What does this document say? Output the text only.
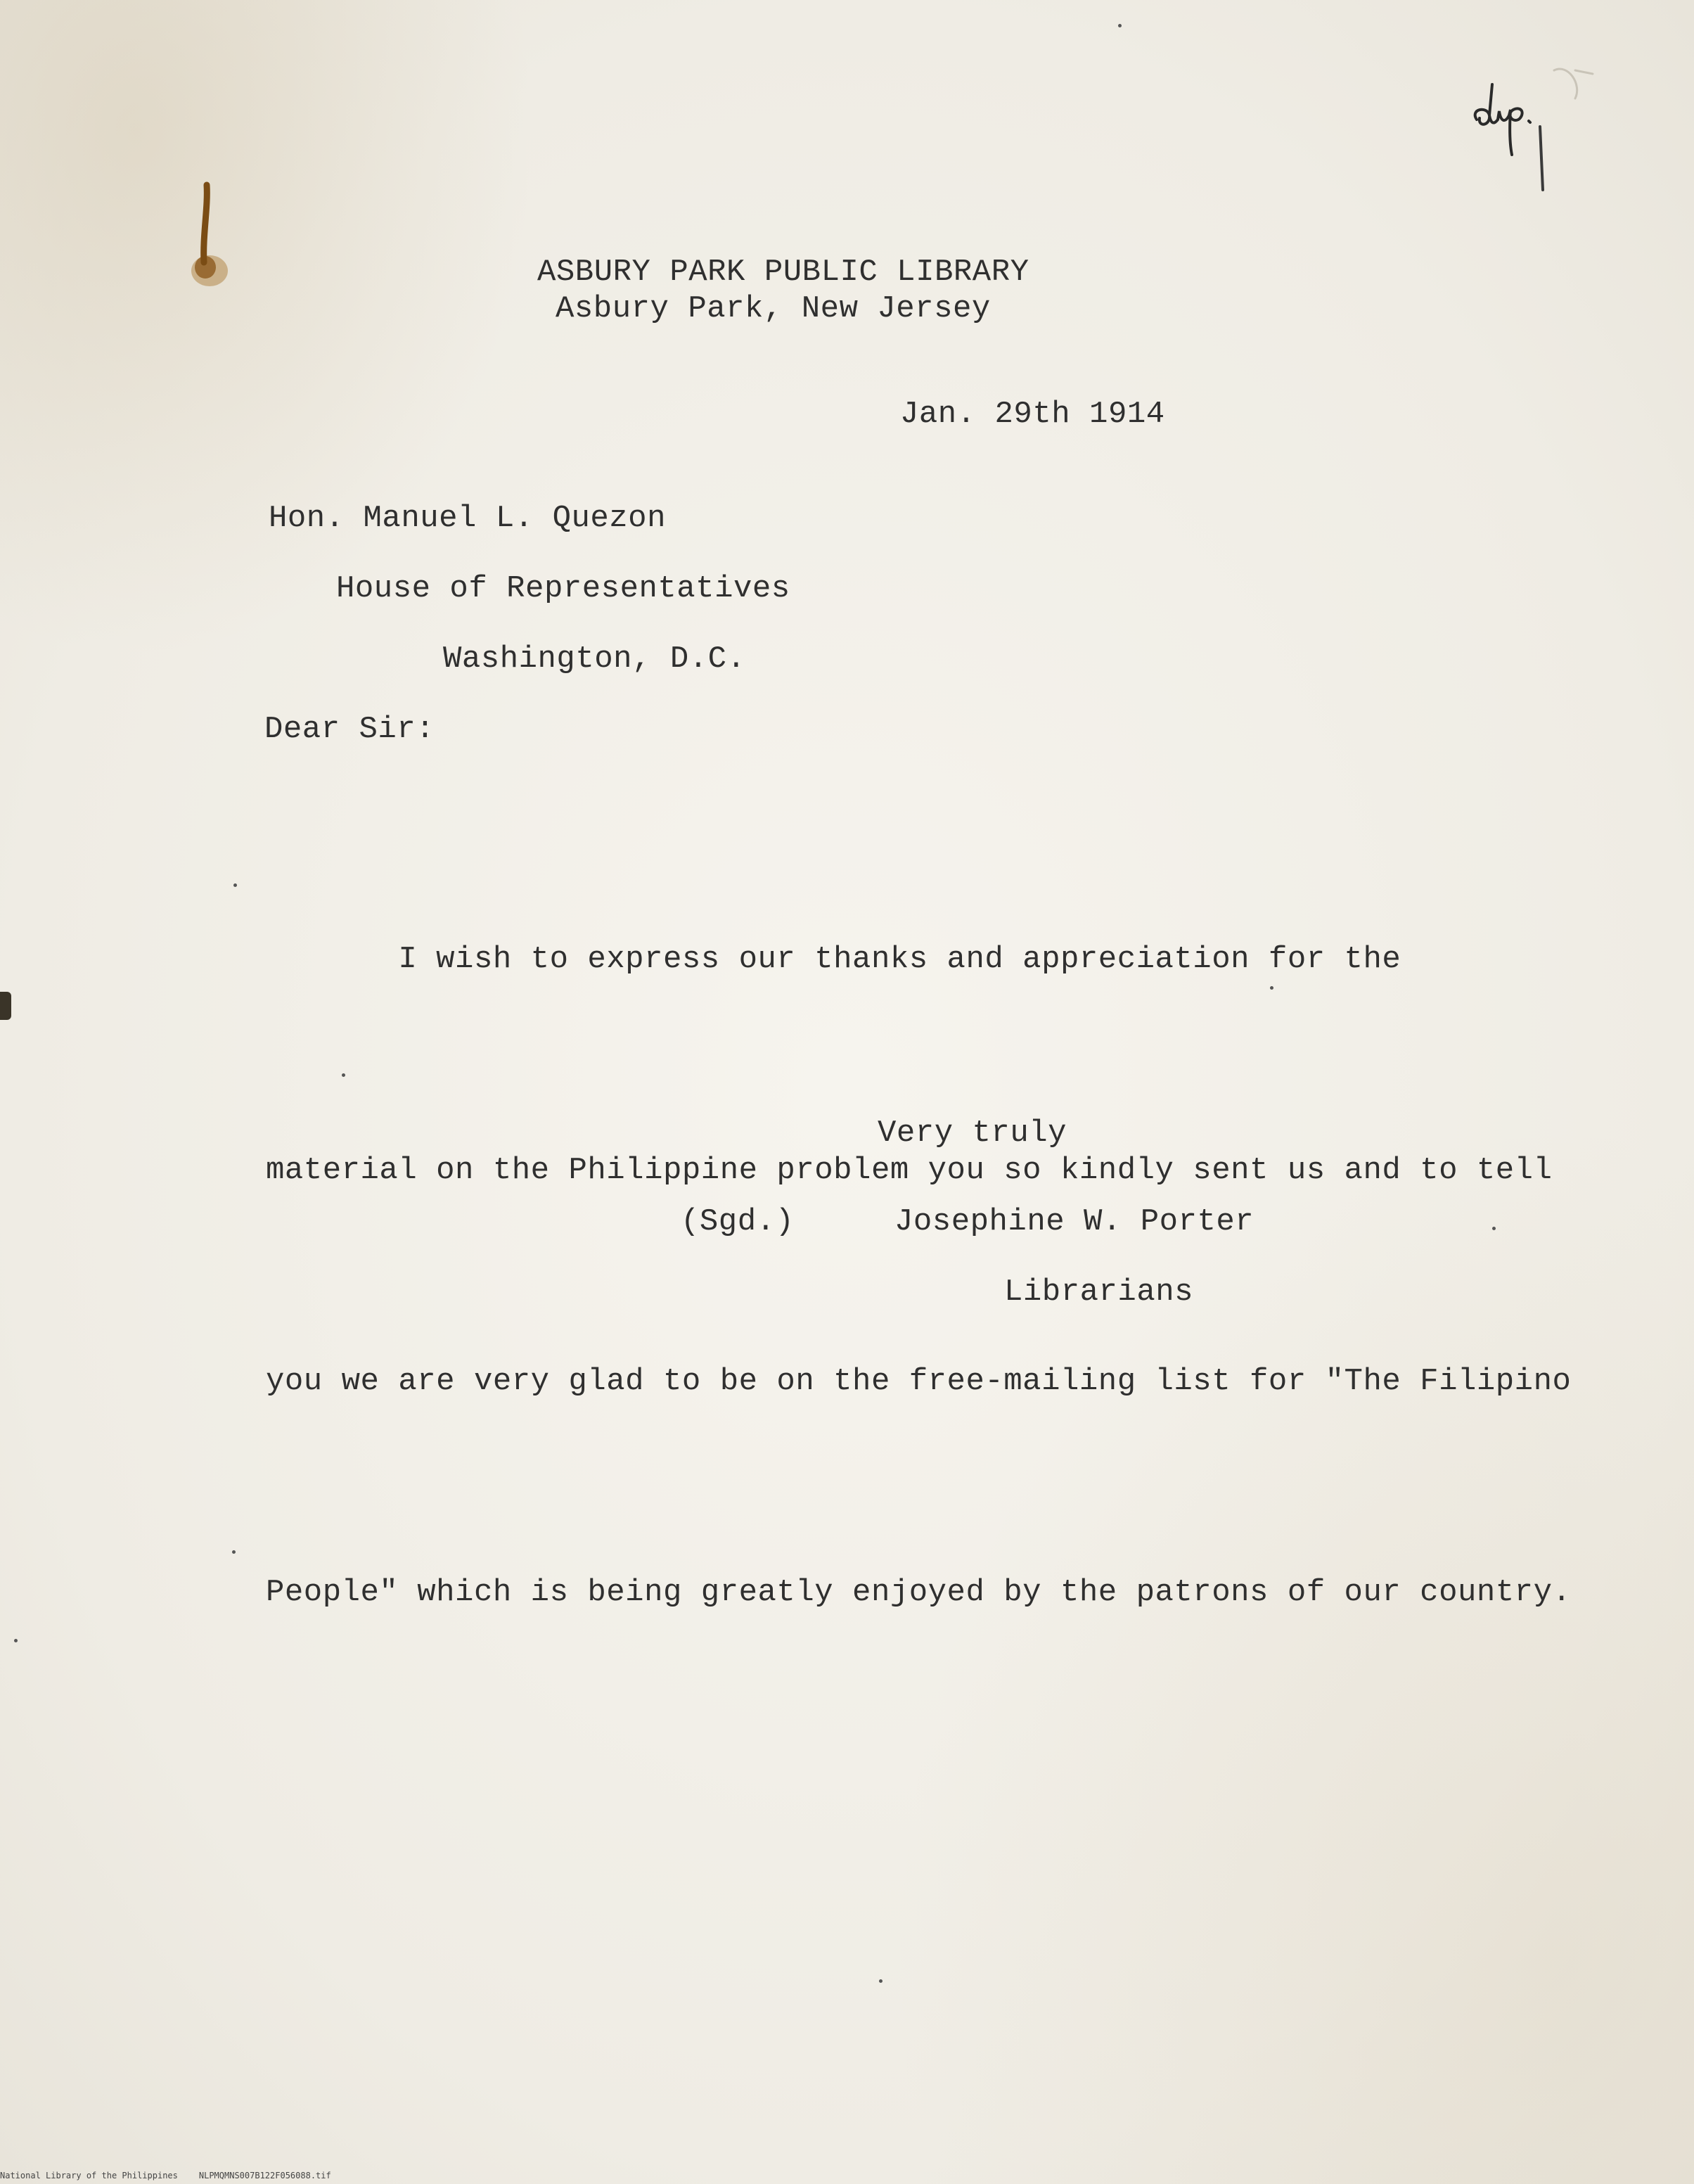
ASBURY PARK PUBLIC LIBRARY
Asbury Park, New Jersey
Jan. 29th 1914
Hon. Manuel L. Quezon
House of Representatives
Washington, D.C.
Dear Sir:

I wish to express our thanks and appreciation for the

material on the Philippine problem you so kindly sent us and to tell

you we are very glad to be on the free-mailing list for "The Filipino

People" which is being greatly enjoyed by the patrons of our country.

Very truly
(Sgd.)	Josephine W. Porter
Librarians
National Library of the Philippines	NLPMQMNS007B122F056088.tif
